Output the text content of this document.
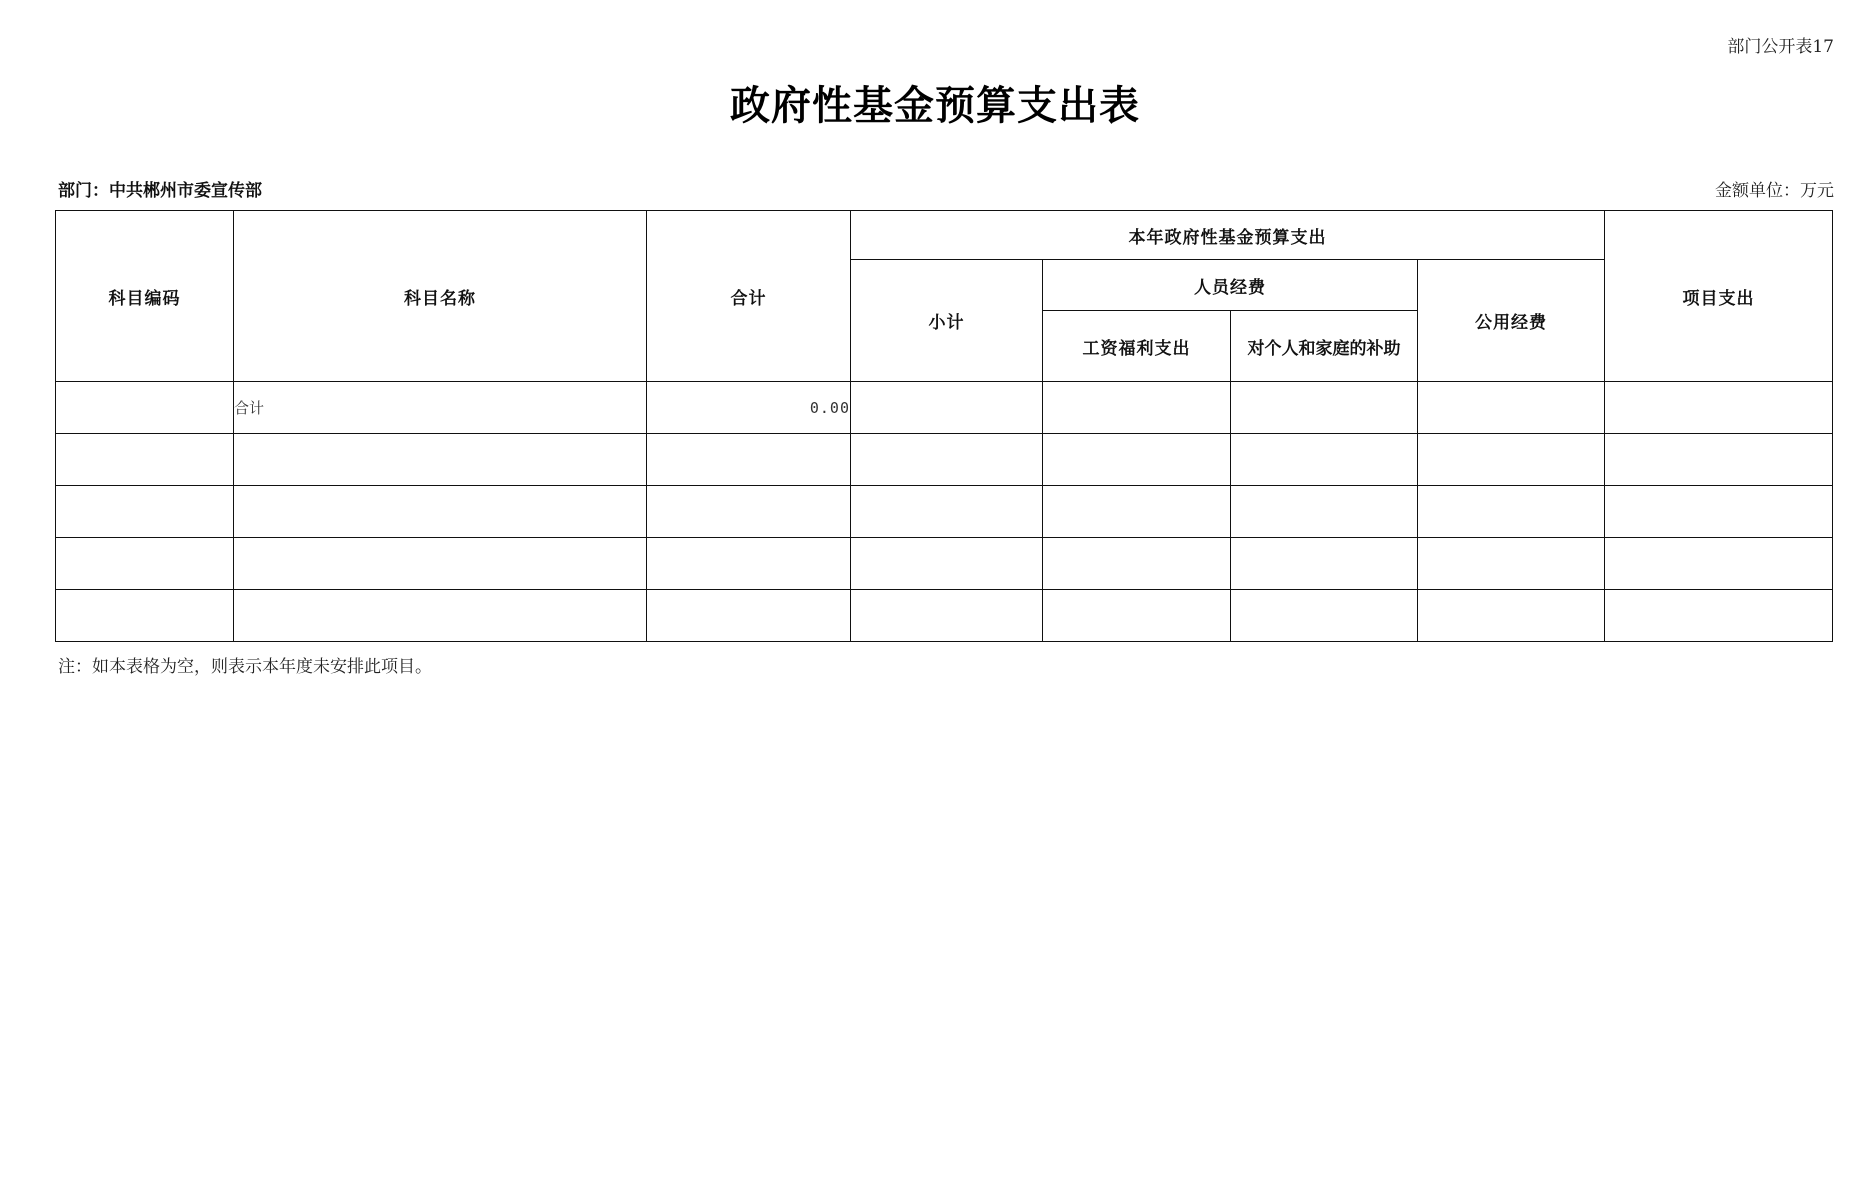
部门公开表17
政府性基金预算支出表
部门：中共郴州市委宣传部	金额单位：万元
科目编码	科目名称	合计	本年政府性基金预算支出				项目支出
			小计	人员经费		公用经费	
				工资福利支出	对个人和家庭的补助		
	合计	0.00					

注：如本表格为空，则表示本年度未安排此项目。
